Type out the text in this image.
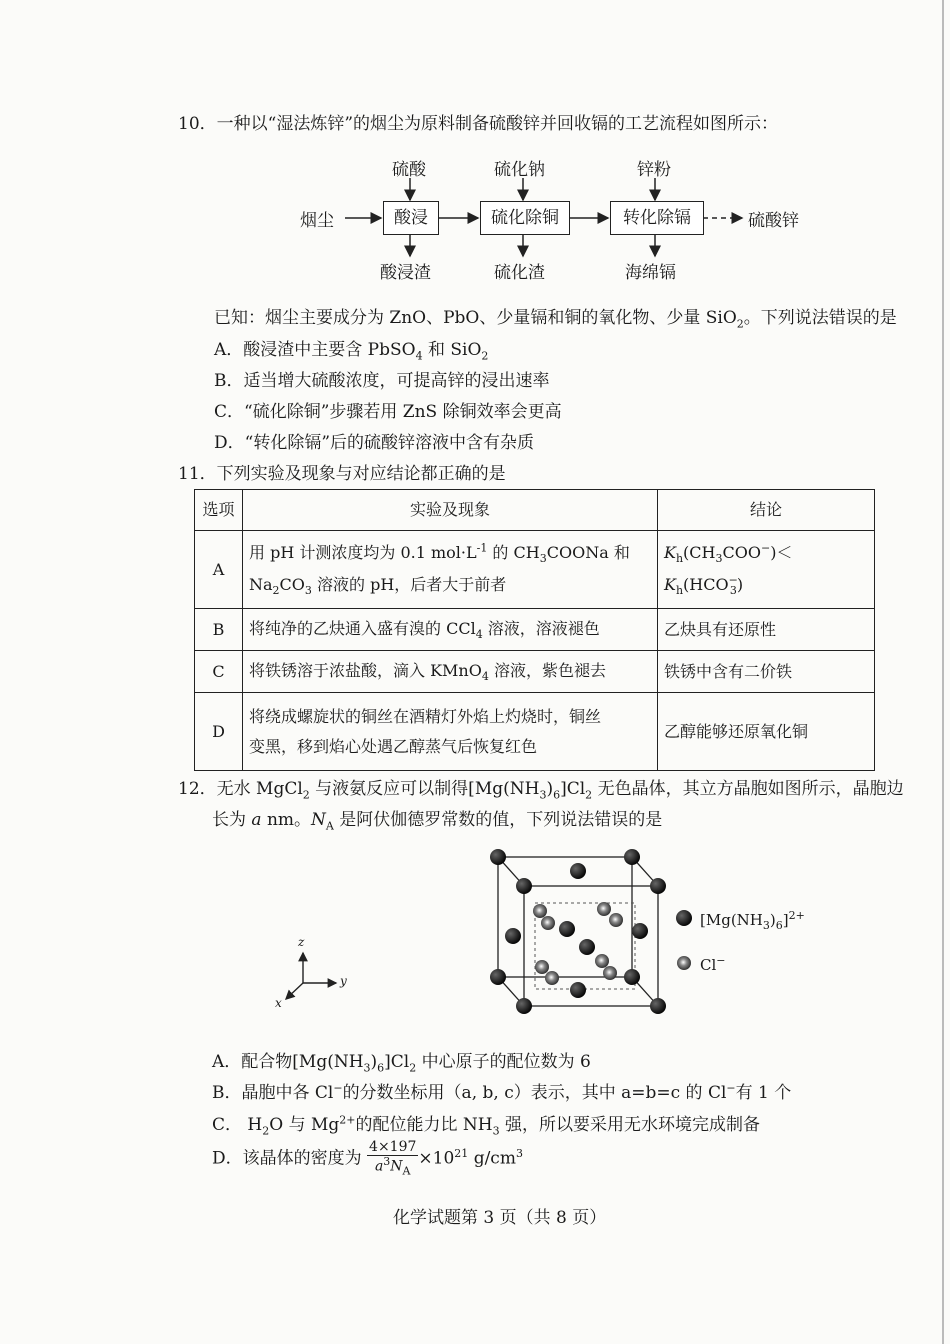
10．一种以“湿法炼锌”的烟尘为原料制备硫酸锌并回收镉的工艺流程如图所示：
烟尘	硫酸锌
硫酸	硫化钠	锌粉
酸浸	硫化除铜	转化除镉
酸浸渣	硫化渣	海绵镉
已知：烟尘主要成分为 ZnO、PbO、少量镉和铜的氧化物、少量 SiO$_2$。下列说法错误的是
A．酸浸渣中主要含 PbSO$_4$ 和 SiO$_2$
B．适当增大硫酸浓度，可提高锌的浸出速率
C．“硫化除铜”步骤若用 ZnS 除铜效率会更高
D．“转化除镉”后的硫酸锌溶液中含有杂质
11．下列实验及现象与对应结论都正确的是
选项	实验及现象	结论
A	用 pH 计测浓度均为 0.1 $mol\cdot L^{-1}$ 的 $CH_3COONa$ 和
$Na_2CO_3$ 溶液的 pH，后者大于前者	$K_h(CH_3COO^-)<K_h(HCO^-_3)$
B	将纯净的乙炔通入盛有溴的 CCl$_4$ 溶液，溶液褪色	乙炔具有还原性
C	将铁锈溶于浓盐酸，滴入 KMnO$_4$ 溶液，紫色褪去	铁锈中含有二价铁
D	将绕成螺旋状的铜丝在酒精灯外焰上灼烧时，铜丝
变黑，移到焰心处遇乙醇蒸气后恢复红色	乙醇能够还原氧化铜
12．无水 MgCl$_2$ 与液氨反应可以制得$[Mg(NH_3)_6]Cl_2$ 无色晶体，其立方晶胞如图所示，晶胞边
长为 a nm。$N_A$ 是阿伏伽德罗常数的值，下列说法错误的是
z
y
x
$[Mg(NH_3)_6]^{2+}$
Cl−
A．配合物$[Mg(NH_3)_6]Cl_2$ 中心原子的配位数为 6
B．晶胞中各 Cl−的分数坐标用（a, b, c）表示，其中 a=b=c 的 Cl−有 1 个
C． $H_2O$ 与 $Mg^{2+}$的配位能力比 $NH_3$ 强，所以要采用无水环境完成制备
D．该晶体的密度为 $\frac{4\times 197}{a^3N_A} \times 10^{21}$ $g/cm^3$
化学试题第 3 页（共 8 页）
